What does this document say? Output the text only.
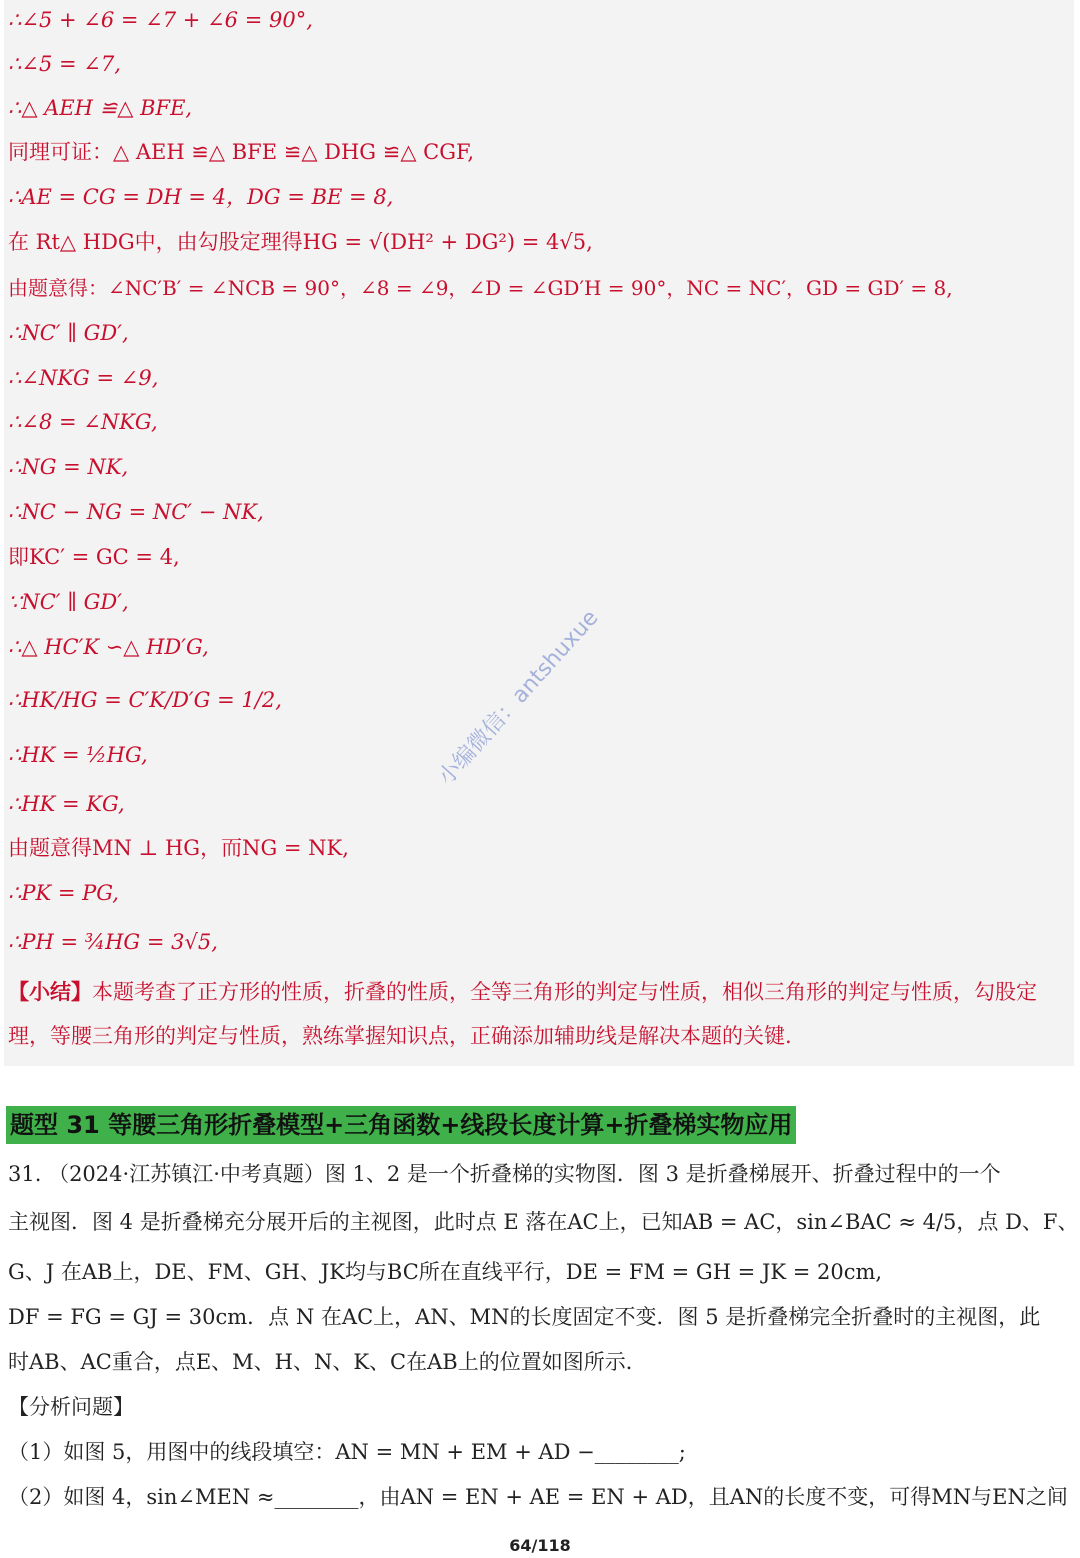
∴∠5 + ∠6 = ∠7 + ∠6 = 90°,
∴∠5 = ∠7,
∴△ AEH ≌△ BFE,
同理可证：△ AEH ≌△ BFE ≌△ DHG ≌△ CGF,
∴AE = CG = DH = 4，DG = BE = 8,
在 Rt△ HDG中，由勾股定理得HG = √(DH² + DG²) = 4√5,
由题意得：∠NC′B′ = ∠NCB = 90°，∠8 = ∠9，∠D = ∠GD′H = 90°，NC = NC′，GD = GD′ = 8,
∴NC′ ∥ GD′,
∴∠NKG = ∠9,
∴∠8 = ∠NKG,
∴NG = NK,
∴NC − NG = NC′ − NK,
即KC′ = GC = 4,
∵NC′ ∥ GD′,
∴△ HC′K ∽△ HD′G,
∴HK/HG = C′K/D′G = 1/2,
∴HK = ½HG,
∴HK = KG,
由题意得MN ⊥ HG，而NG = NK,
∴PK = PG,
∴PH = ¾HG = 3√5,
【小结】本题考查了正方形的性质，折叠的性质，全等三角形的判定与性质，相似三角形的判定与性质，勾股定理，等腰三角形的判定与性质，熟练掌握知识点，正确添加辅助线是解决本题的关键.
小编微信：antshuxue
题型 31 等腰三角形折叠模型+三角函数+线段长度计算+折叠梯实物应用
31. （2024·江苏镇江·中考真题）图 1、2 是一个折叠梯的实物图．图 3 是折叠梯展开、折叠过程中的一个
主视图．图 4 是折叠梯充分展开后的主视图，此时点 E 落在AC上，已知AB = AC，sin∠BAC ≈ 4/5，点 D、F、
G、J 在AB上，DE、FM、GH、JK均与BC所在直线平行，DE = FM = GH = JK = 20cm,
DF = FG = GJ = 30cm．点 N 在AC上，AN、MN的长度固定不变．图 5 是折叠梯完全折叠时的主视图，此
时AB、AC重合，点E、M、H、N、K、C在AB上的位置如图所示．
【分析问题】
（1）如图 5，用图中的线段填空：AN = MN + EM + AD −________;
（2）如图 4，sin∠MEN ≈________，由AN = EN + AE = EN + AD，且AN的长度不变，可得MN与EN之间
64/118
